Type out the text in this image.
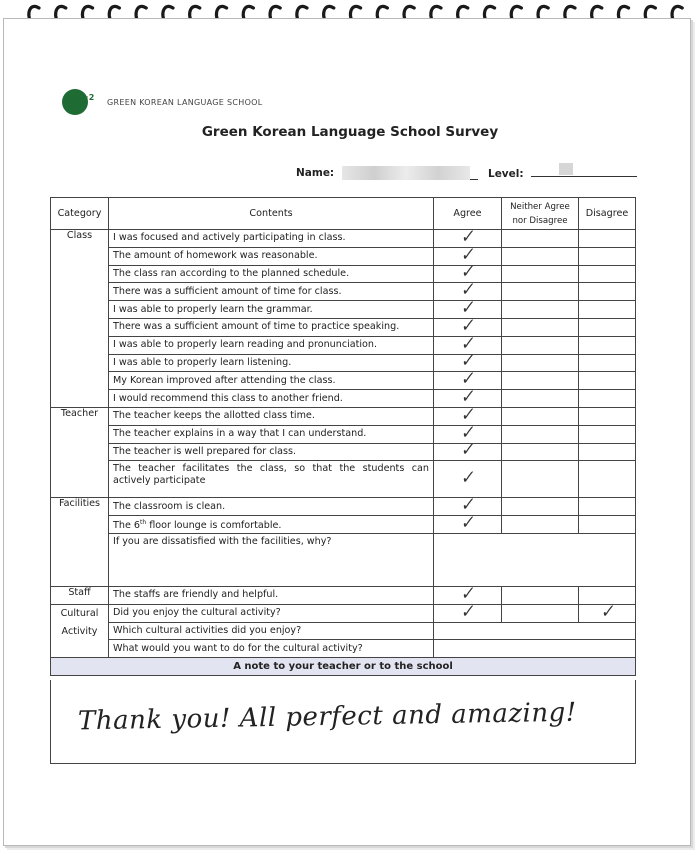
⌐2
GREEN KOREAN LANGUAGE SCHOOL
Green Korean Language School Survey
Name:	Level:
Category	Contents	Agree	Neither Agree nor Disagree	Disagree
Class	I was focused and actively participating in class.	✓		
	The amount of homework was reasonable.	✓		
	The class ran according to the planned schedule.	✓		
	There was a sufficient amount of time for class.	✓		
	I was able to properly learn the grammar.	✓		
	There was a sufficient amount of time to practice speaking.	✓		
	I was able to properly learn reading and pronunciation.	✓		
	I was able to properly learn listening.	✓		
	My Korean improved after attending the class.	✓		
	I would recommend this class to another friend.	✓		
Teacher	The teacher keeps the allotted class time.	✓		
	The teacher explains in a way that I can understand.	✓		
	The teacher is well prepared for class.	✓		
	The teacher facilitates the class, so that the students can actively participate	✓		
Facilities	The classroom is clean.	✓		
	The 6th floor lounge is comfortable.	✓		
	If you are dissatisfied with the facilities, why?			
Staff	The staffs are friendly and helpful.	✓		
Cultural Activity	Did you enjoy the cultural activity?	✓		✓
	Which cultural activities did you enjoy?			
	What would you want to do for the cultural activity?			
A note to your teacher or to the school				
Thank you! All perfect and amazing!
